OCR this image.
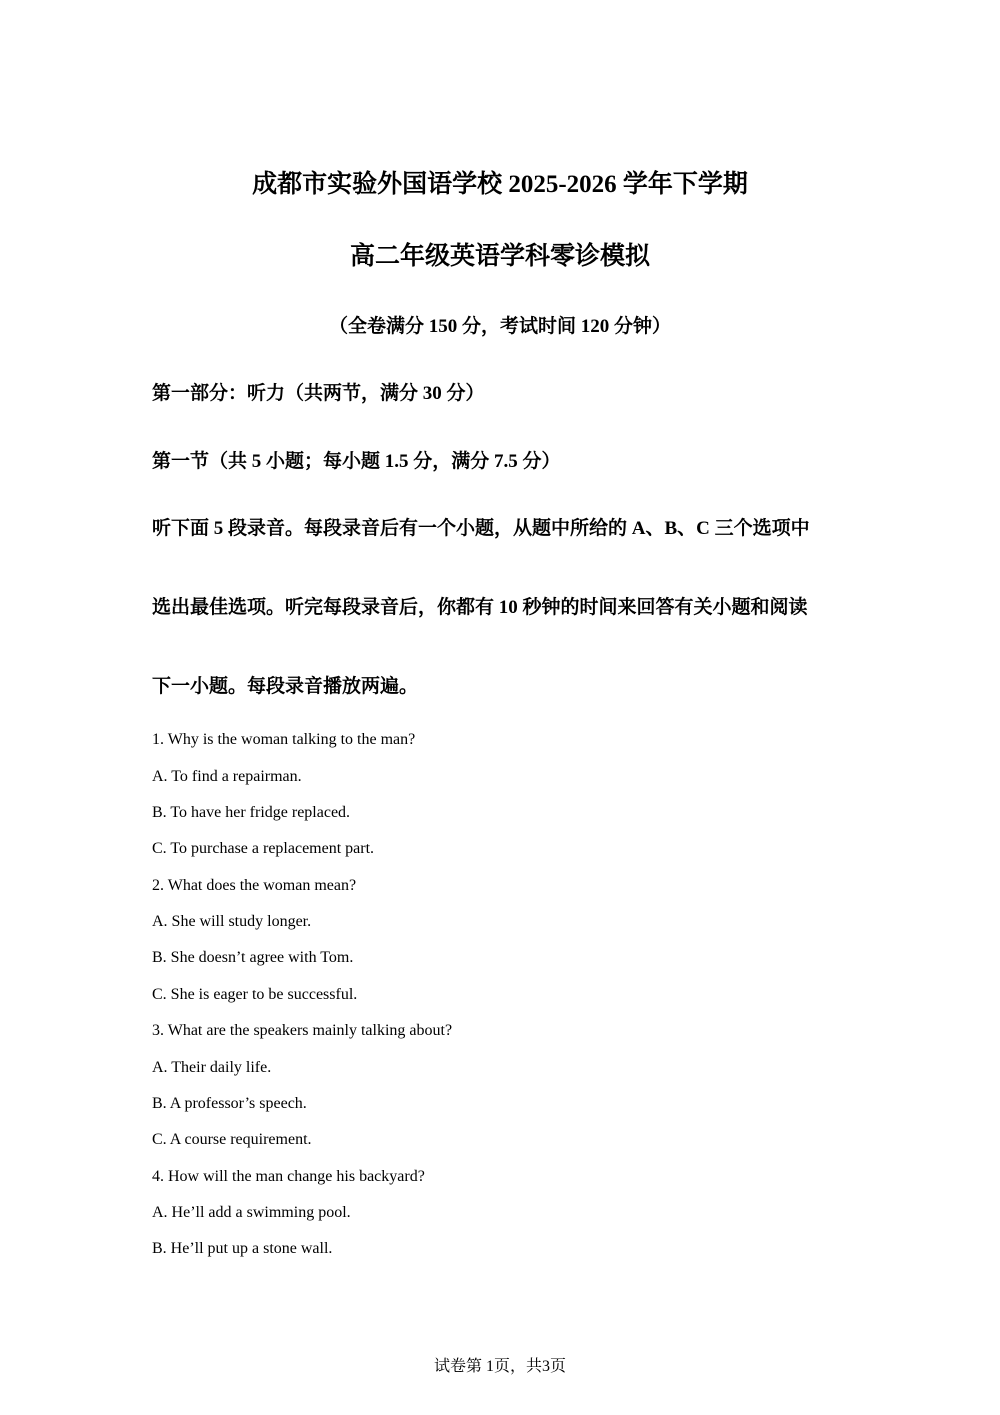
成都市实验外国语学校 2025-2026 学年下学期
高二年级英语学科零诊模拟

（全卷满分 150 分，考试时间 120 分钟）

第一部分：听力（共两节，满分 30 分）

第一节（共 5 小题；每小题 1.5 分，满分 7.5 分）

听下面 5 段录音。每段录音后有一个小题，从题中所给的 A、B、C 三个选项中

选出最佳选项。听完每段录音后，你都有 10 秒钟的时间来回答有关小题和阅读

下一小题。每段录音播放两遍。

1. Why is the woman talking to the man?

A. To find a repairman.

B. To have her fridge replaced.

C. To purchase a replacement part.

2. What does the woman mean?

A. She will study longer.

B. She doesn’t agree with Tom.

C. She is eager to be successful.

3. What are the speakers mainly talking about?

A. Their daily life.

B. A professor’s speech.

C. A course requirement.

4. How will the man change his backyard?

A. He’ll add a swimming pool.

B. He’ll put up a stone wall.

试卷第 1页，共3页
